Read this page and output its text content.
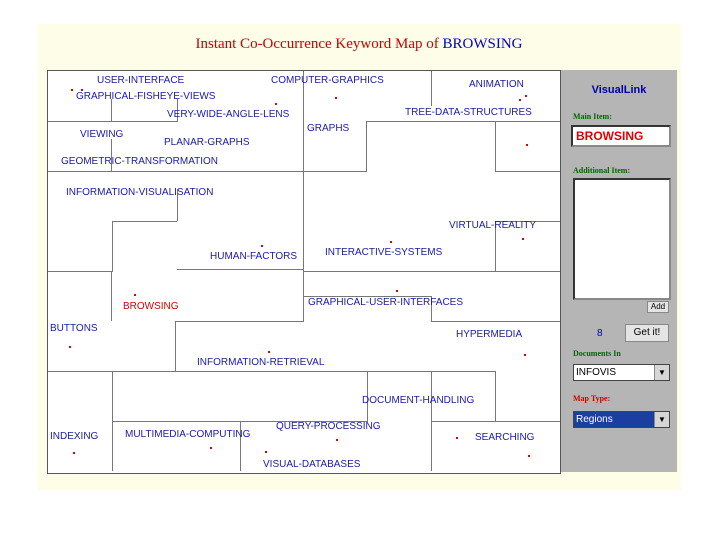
Instant Co-Occurrence Keyword Map of BROWSING
USER-INTERFACE
GRAPHICAL-FISHEYE-VIEWS
COMPUTER-GRAPHICS	ANIMATION
VERY-WIDE-ANGLE-LENS	TREE-DATA-STRUCTURES
VIEWING
GRAPHS
PLANAR-GRAPHS
GEOMETRIC-TRANSFORMATION
INFORMATION-VISUALISATION
VIRTUAL-REALITY
HUMAN-FACTORS	INTERACTIVE-SYSTEMS
BROWSING	GRAPHICAL-USER-INTERFACES
BUTTONS
HYPERMEDIA
INFORMATION-RETRIEVAL
DOCUMENT-HANDLING
QUERY-PROCESSING
INDEXING	MULTIMEDIA-COMPUTING	SEARCHING
VISUAL-DATABASES
VisualLink
Main Item:
BROWSING
Additional Item:
Add
8	Get it!
Documents In
INFOVIS	▼
Map Type:
Regions	▼
